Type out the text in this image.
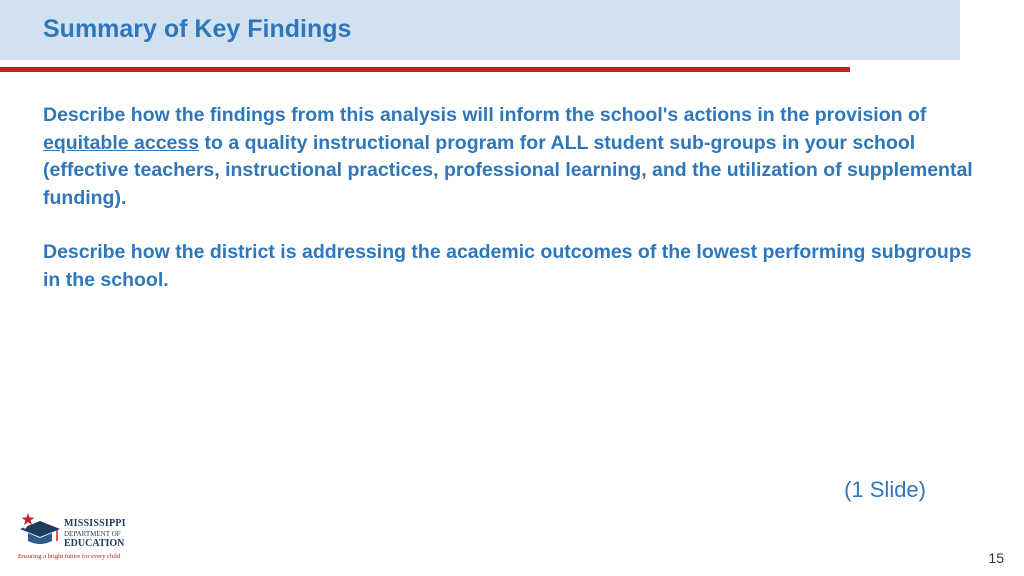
Summary of Key Findings

Describe how the findings from this analysis will inform the school's actions in the provision of equitable access to a quality instructional program for ALL student sub-groups in your school (effective teachers, instructional practices, professional learning, and the utilization of supplemental funding).

Describe how the district is addressing the academic outcomes of the lowest performing subgroups in the school.

(1 Slide)
MISSISSIPPI
DEPARTMENT OF
EDUCATION
Ensuring a bright future for every child	15
